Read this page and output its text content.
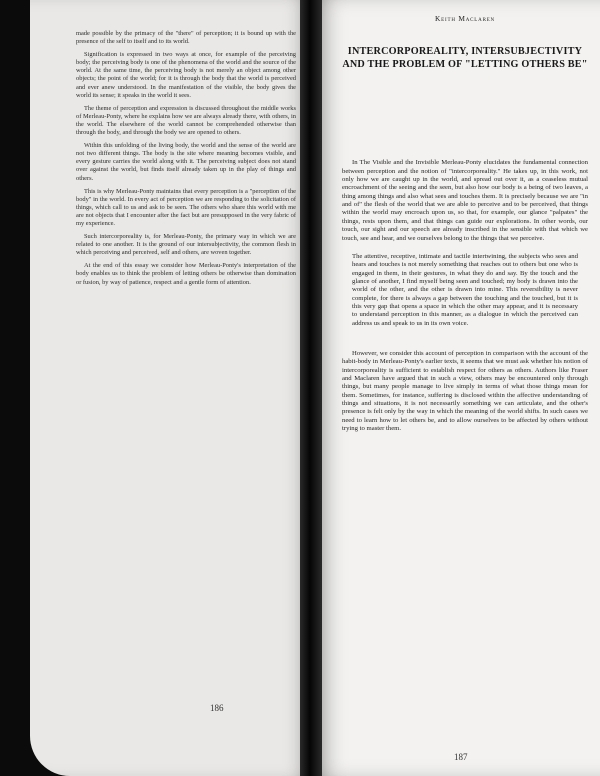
made possible by the primacy of the "there" of perception; it is bound up with the presence of the self to itself and to its world.

Signification is expressed in two ways at once, for example of the perceiving body; the perceiving body is one of the phenomena of the world and the source of the world. At the same time, the perceiving body is not merely an object among other objects; the point of the world; for it is through the body that the world is perceived and ever anew understood. In the manifestation of the visible, the body gives the world its sense; it speaks in the world it sees.

The theme of perception and expression is discussed throughout the middle works of Merleau-Ponty, where he explains how we are always already there, with others, in the world. The elsewhere of the world cannot be comprehended otherwise than through the body, and through the body we are opened to others.

Within this unfolding of the living body, the world and the sense of the world are not two different things. The body is the site where meaning becomes visible, and every gesture carries the world along with it. The perceiving subject does not stand over against the world, but finds itself already taken up in the play of things and others.

This is why Merleau-Ponty maintains that every perception is a "perception of the body" in the world. In every act of perception we are responding to the solicitation of things, which call to us and ask to be seen. The others who share this world with me are not objects that I encounter after the fact but are presupposed in the very fabric of my experience.

Such intercorporeality is, for Merleau-Ponty, the primary way in which we are related to one another. It is the ground of our intersubjectivity, the common flesh in which perceiving and perceived, self and others, are woven together.

At the end of this essay we consider how Merleau-Ponty's interpretation of the body enables us to think the problem of letting others be otherwise than domination or fusion, by way of patience, respect and a gentle form of attention.

186
Keith Maclaren
INTERCORPOREALITY, INTERSUBJECTIVITY
AND THE PROBLEM OF "LETTING OTHERS BE"

In The Visible and the Invisible Merleau-Ponty elucidates the fundamental connection between perception and the notion of "intercorporeality." He takes up, in this work, not only how we are caught up in the world, and spread out over it, as a ceaseless mutual encroachment of the seeing and the seen, but also how our body is a being of two leaves, a thing among things and also what sees and touches them. It is precisely because we are "in and of" the flesh of the world that we are able to perceive and to be perceived, that things within the world may encroach upon us, so that, for example, our glance "palpates" the things, rests upon them, and that things can guide our explorations. In other words, our touch, our sight and our speech are already inscribed in the sensible with that which we touch, see and hear, and we ourselves belong to the things that we perceive.

The attentive, receptive, intimate and tactile intertwining, the subjects who sees and hears and touches is not merely something that reaches out to others but one who is engaged in them, in their gestures, in what they do and say. By the touch and the glance of another, I find myself being seen and touched; my body is drawn into the world of the other, and the other is drawn into mine. This reversibility is never complete, for there is always a gap between the touching and the touched, but it is this very gap that opens a space in which the other may appear, and it is necessary to understand perception in this manner, as a dialogue in which the perceived can address us and speak to us in its own voice.

However, we consider this account of perception in comparison with the account of the habit-body in Merleau-Ponty's earlier texts, it seems that we must ask whether his notion of intercorporeality is sufficient to establish respect for others as others. Authors like Fraser and Maclaren have argued that in such a view, others may be encountered only through things, but many people manage to live simply in terms of what those things mean for them. Sometimes, for instance, suffering is disclosed within the affective understanding of things and situations, it is not necessarily something we can articulate, and the other's presence is felt only by the way in which the meaning of the world shifts. In such cases we need to learn how to let others be, and to allow ourselves to be affected by others without trying to master them.

187
